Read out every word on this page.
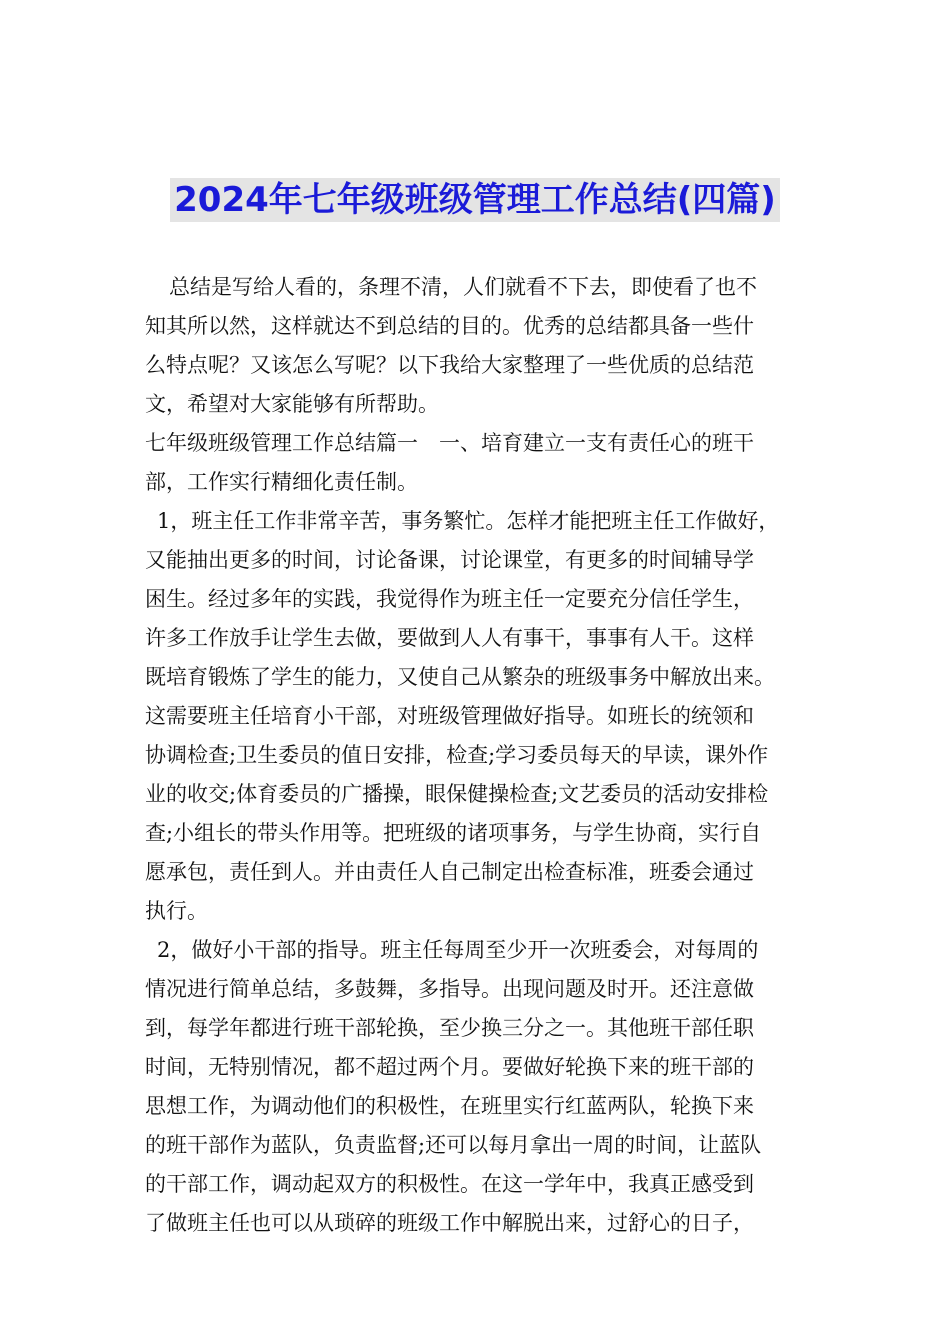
2024年七年级班级管理工作总结(四篇)
总结是写给人看的，条理不清，人们就看不下去，即使看了也不
知其所以然，这样就达不到总结的目的。优秀的总结都具备一些什
么特点呢？又该怎么写呢？以下我给大家整理了一些优质的总结范
文，希望对大家能够有所帮助。
七年级班级管理工作总结篇一　一、培育建立一支有责任心的班干
部，工作实行精细化责任制。
1，班主任工作非常辛苦，事务繁忙。怎样才能把班主任工作做好，
又能抽出更多的时间，讨论备课，讨论课堂，有更多的时间辅导学
困生。经过多年的实践，我觉得作为班主任一定要充分信任学生，
许多工作放手让学生去做，要做到人人有事干，事事有人干。这样
既培育锻炼了学生的能力，又使自己从繁杂的班级事务中解放出来。
这需要班主任培育小干部，对班级管理做好指导。如班长的统领和
协调检查;卫生委员的值日安排，检查;学习委员每天的早读，课外作
业的收交;体育委员的广播操，眼保健操检查;文艺委员的活动安排检
查;小组长的带头作用等。把班级的诸项事务，与学生协商，实行自
愿承包，责任到人。并由责任人自己制定出检查标准，班委会通过
执行。
2，做好小干部的指导。班主任每周至少开一次班委会，对每周的
情况进行简单总结，多鼓舞，多指导。出现问题及时开。还注意做
到，每学年都进行班干部轮换，至少换三分之一。其他班干部任职
时间，无特别情况，都不超过两个月。要做好轮换下来的班干部的
思想工作，为调动他们的积极性，在班里实行红蓝两队，轮换下来
的班干部作为蓝队，负责监督;还可以每月拿出一周的时间，让蓝队
的干部工作，调动起双方的积极性。在这一学年中，我真正感受到
了做班主任也可以从琐碎的班级工作中解脱出来，过舒心的日子，
